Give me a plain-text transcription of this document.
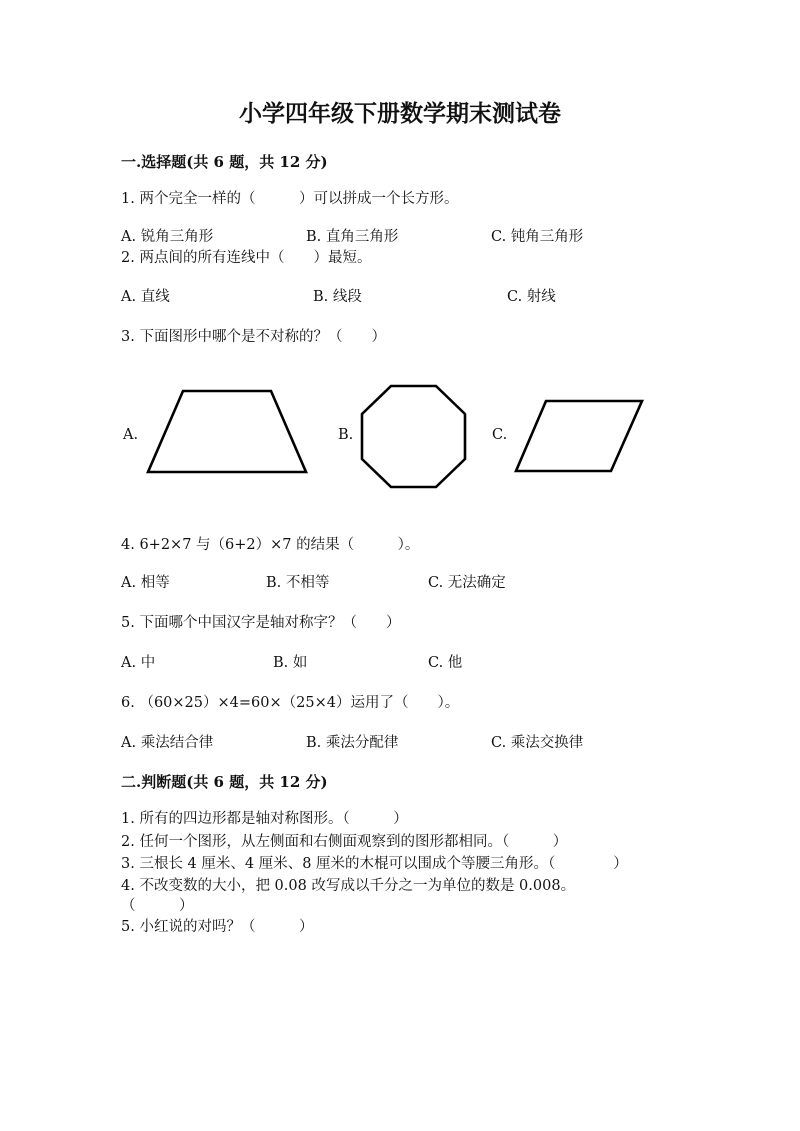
小学四年级下册数学期末测试卷
一.选择题(共 6 题，共 12 分)
1. 两个完全一样的（　　　）可以拼成一个长方形。
A. 锐角三角形	B. 直角三角形	C. 钝角三角形
2. 两点间的所有连线中（　　）最短。
A. 直线	B. 线段	C. 射线
3. 下面图形中哪个是不对称的？（　　）
A.	B.	C.
4. 6+2×7 与（6+2）×7 的结果（　　　）。
A. 相等	B. 不相等	C. 无法确定
5. 下面哪个中国汉字是轴对称字？（　　）
A. 中	B. 如	C. 他
6. （60×25）×4=60×（25×4）运用了（　　）。
A. 乘法结合律	B. 乘法分配律	C. 乘法交换律
二.判断题(共 6 题，共 12 分)
1. 所有的四边形都是轴对称图形。（　　　）
2. 任何一个图形，从左侧面和右侧面观察到的图形都相同。（　　　）
3. 三根长 4 厘米、4 厘米、8 厘米的木棍可以围成个等腰三角形。（　　　　）
4. 不改变数的大小，把 0.08 改写成以千分之一为单位的数是 0.008。
（　　　）
5. 小红说的对吗？（　　　）
